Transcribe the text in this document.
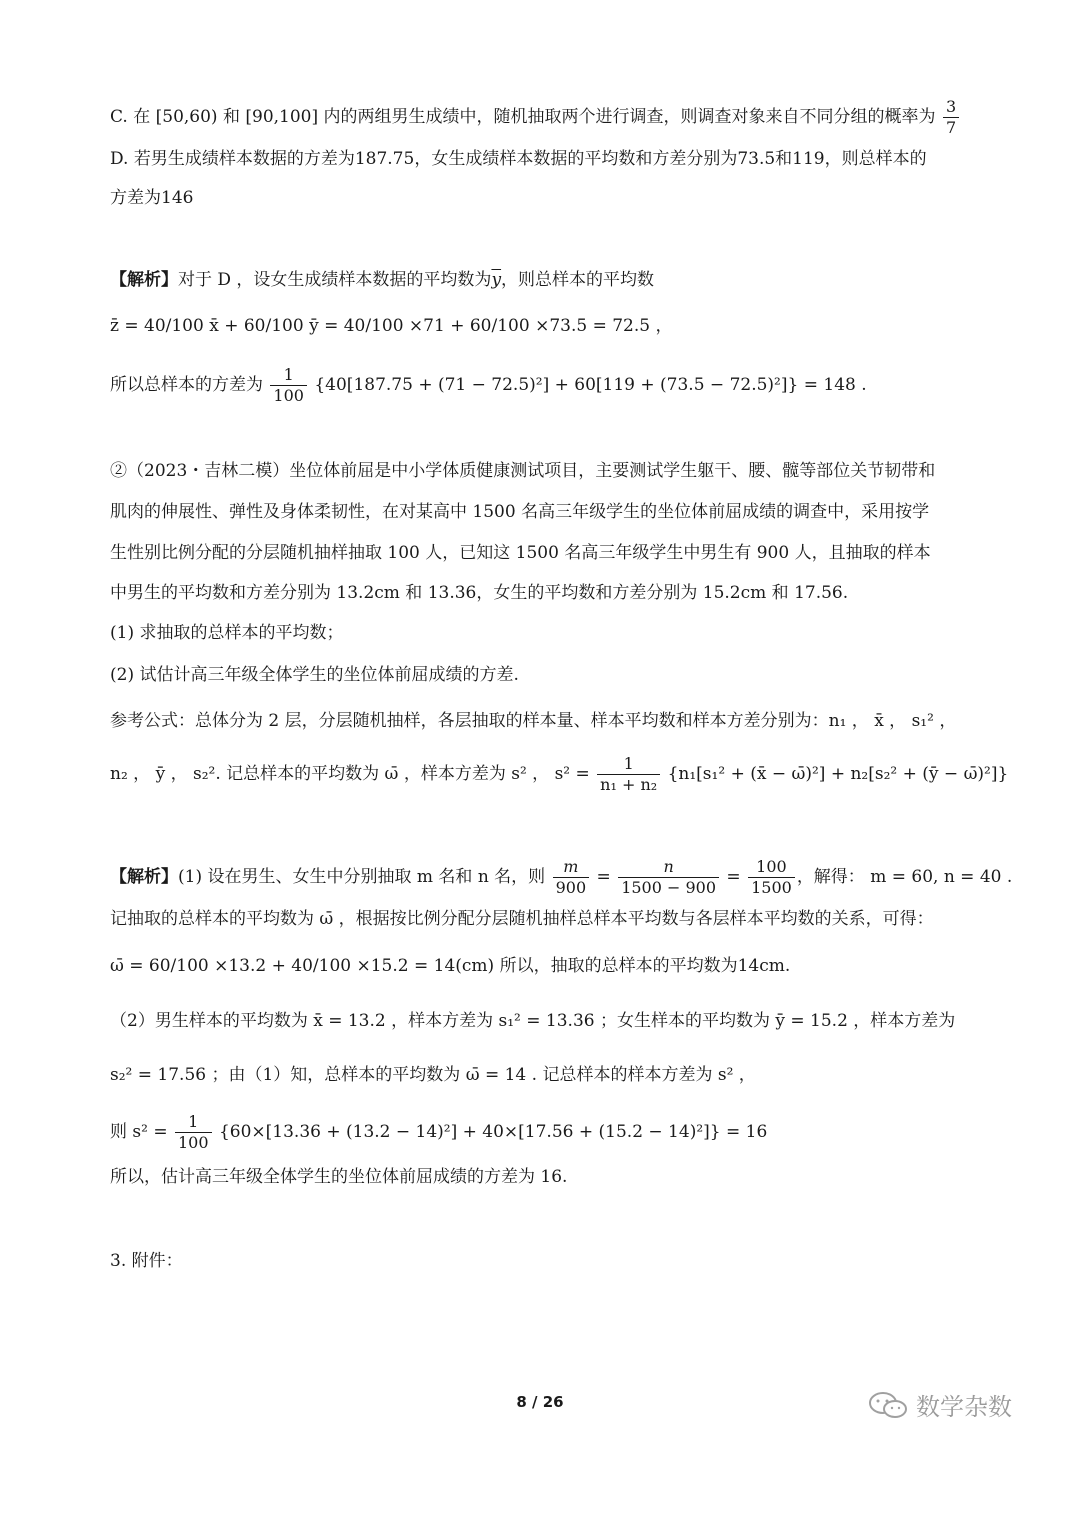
C. 在 [50,60) 和 [90,100] 内的两组男生成绩中，随机抽取两个进行调查，则调查对象来自不同分组的概率为 $\frac{3}{7}$
D. 若男生成绩样本数据的方差为187.75，女生成绩样本数据的平均数和方差分别为73.5和119，则总样本的
方差为146
【解析】对于 D ，设女生成绩样本数据的平均数为$\overline{y}$，则总样本的平均数
z̄ = 40/100 x̄ + 60/100 ȳ = 40/100 ×71 + 60/100 ×73.5 = 72.5 ，
所以总样本的方差为 $\frac{1}{100} \{40[187.75 + (71 - 72.5)^2] + 60[119 + (73.5 - 72.5)^2]\} = 148$ .
②（2023・吉林二模）坐位体前屈是中小学体质健康测试项目，主要测试学生躯干、腰、髋等部位关节韧带和
肌肉的伸展性、弹性及身体柔韧性，在对某高中 1500 名高三年级学生的坐位体前屈成绩的调查中，采用按学
生性别比例分配的分层随机抽样抽取 100 人，已知这 1500 名高三年级学生中男生有 900 人，且抽取的样本
中男生的平均数和方差分别为 13.2cm 和 13.36，女生的平均数和方差分别为 15.2cm 和 17.56.
(1) 求抽取的总样本的平均数；
(2) 试估计高三年级全体学生的坐位体前屈成绩的方差.
参考公式：总体分为 2 层，分层随机抽样，各层抽取的样本量、样本平均数和样本方差分别为：n₁ ， x̄ ， s₁² ，
n₂ ， ȳ ， s₂². 记总样本的平均数为 ω̄ ，样本方差为 s² ， $s^2 = \frac{1}{\text{n₁ + n₂}} \{n_1[s_1^2$ + (x̄ − ω̄)²] + n₂[s₂² + (ȳ − ω̄)²]}
【解析】(1) 设在男生、女生中分别抽取 m 名和 n 名，则 $\frac{m}{900} = \frac{n}{1500 - 900} = \frac{100}{1500}$ ，解得： m = 60, n = 40 .
记抽取的总样本的平均数为 ω̄ ，根据按比例分配分层随机抽样总样本平均数与各层样本平均数的关系，可得：
ω̄ = 60/100 ×13.2 + 40/100 ×15.2 = 14(cm) 所以，抽取的总样本的平均数为14cm.
（2）男生样本的平均数为 x̄ = 13.2 ，样本方差为 s₁² = 13.36 ；女生样本的平均数为 ȳ = 15.2 ，样本方差为
s₂² = 17.56 ；由（1）知，总样本的平均数为 ω̄ = 14 . 记总样本的样本方差为 s² ，
则 $s^2 = \frac{1}{100} \{60\times[13.36 + (13.2 - 14)^2] + 40\times[17.56 + (15.2 - 14)^2]\} = 16$
所以，估计高三年级全体学生的坐位体前屈成绩的方差为 16.
3. 附件：
8 / 26	数学杂数
